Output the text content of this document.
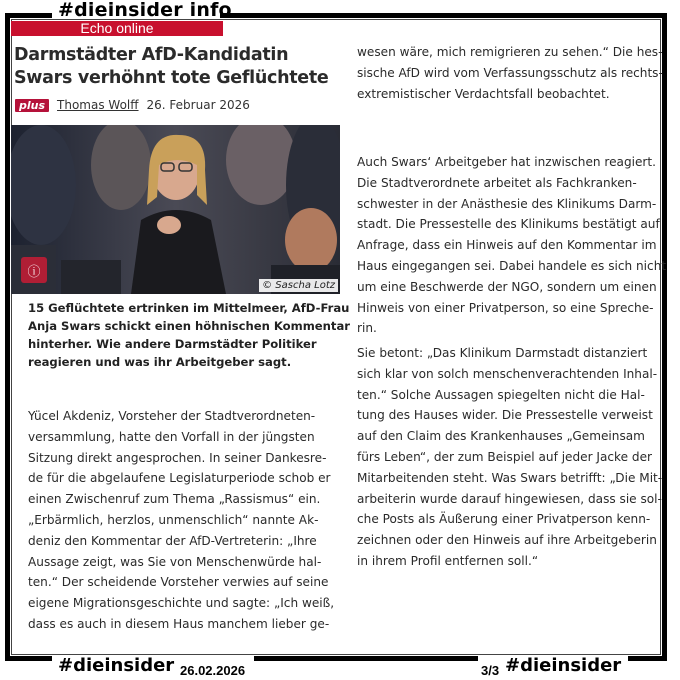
#dieinsider info
Echo online
Darmstädter AfD-Kandidatin
Swars verhöhnt tote Geflüchtete
plus	Thomas Wolff 26. Februar 2026
ⓘ
© Sascha Lotz
15 Geflüchtete ertrinken im Mittelmeer, AfD-Frau
Anja Swars schickt einen höhnischen Kommentar
hinterher. Wie andere Darmstädter Politiker
reagieren und was ihr Arbeitgeber sagt.
Yücel Akdeniz, Vorsteher der Stadtverordneten-
versammlung, hatte den Vorfall in der jüngsten
Sitzung direkt angesprochen. In seiner Dankesre-
de für die abgelaufene Legislaturperiode schob er
einen Zwischenruf zum Thema „Rassismus“ ein.
„Erbärmlich, herzlos, unmenschlich“ nannte Ak-
deniz den Kommentar der AfD-Vertreterin: „Ihre
Aussage zeigt, was Sie von Menschenwürde hal-
ten.“ Der scheidende Vorsteher verwies auf seine
eigene Migrationsgeschichte und sagte: „Ich weiß,
dass es auch in diesem Haus manchem lieber ge-
wesen wäre, mich remigrieren zu sehen.“ Die hes-
sische AfD wird vom Verfassungsschutz als rechts-
extremistischer Verdachtsfall beobachtet.
Auch Swars‘ Arbeitgeber hat inzwischen reagiert.
Die Stadtverordnete arbeitet als Fachkranken-
schwester in der Anästhesie des Klinikums Darm-
stadt. Die Pressestelle des Klinikums bestätigt auf
Anfrage, dass ein Hinweis auf den Kommentar im
Haus eingegangen sei. Dabei handele es sich nicht
um eine Beschwerde der NGO, sondern um einen
Hinweis von einer Privatperson, so eine Spreche-
rin.
Sie betont: „Das Klinikum Darmstadt distanziert
sich klar von solch menschenverachtenden Inhal-
ten.“ Solche Aussagen spiegelten nicht die Hal-
tung des Hauses wider. Die Pressestelle verweist
auf den Claim des Krankenhauses „Gemeinsam
fürs Leben“, der zum Beispiel auf jeder Jacke der
Mitarbeitenden steht. Was Swars betrifft: „Die Mit-
arbeiterin wurde darauf hingewiesen, dass sie sol-
che Posts als Äußerung einer Privatperson kenn-
zeichnen oder den Hinweis auf ihre Arbeitgeberin
in ihrem Profil entfernen soll.“
#dieinsider 26.02.2026	3/3 #dieinsider
